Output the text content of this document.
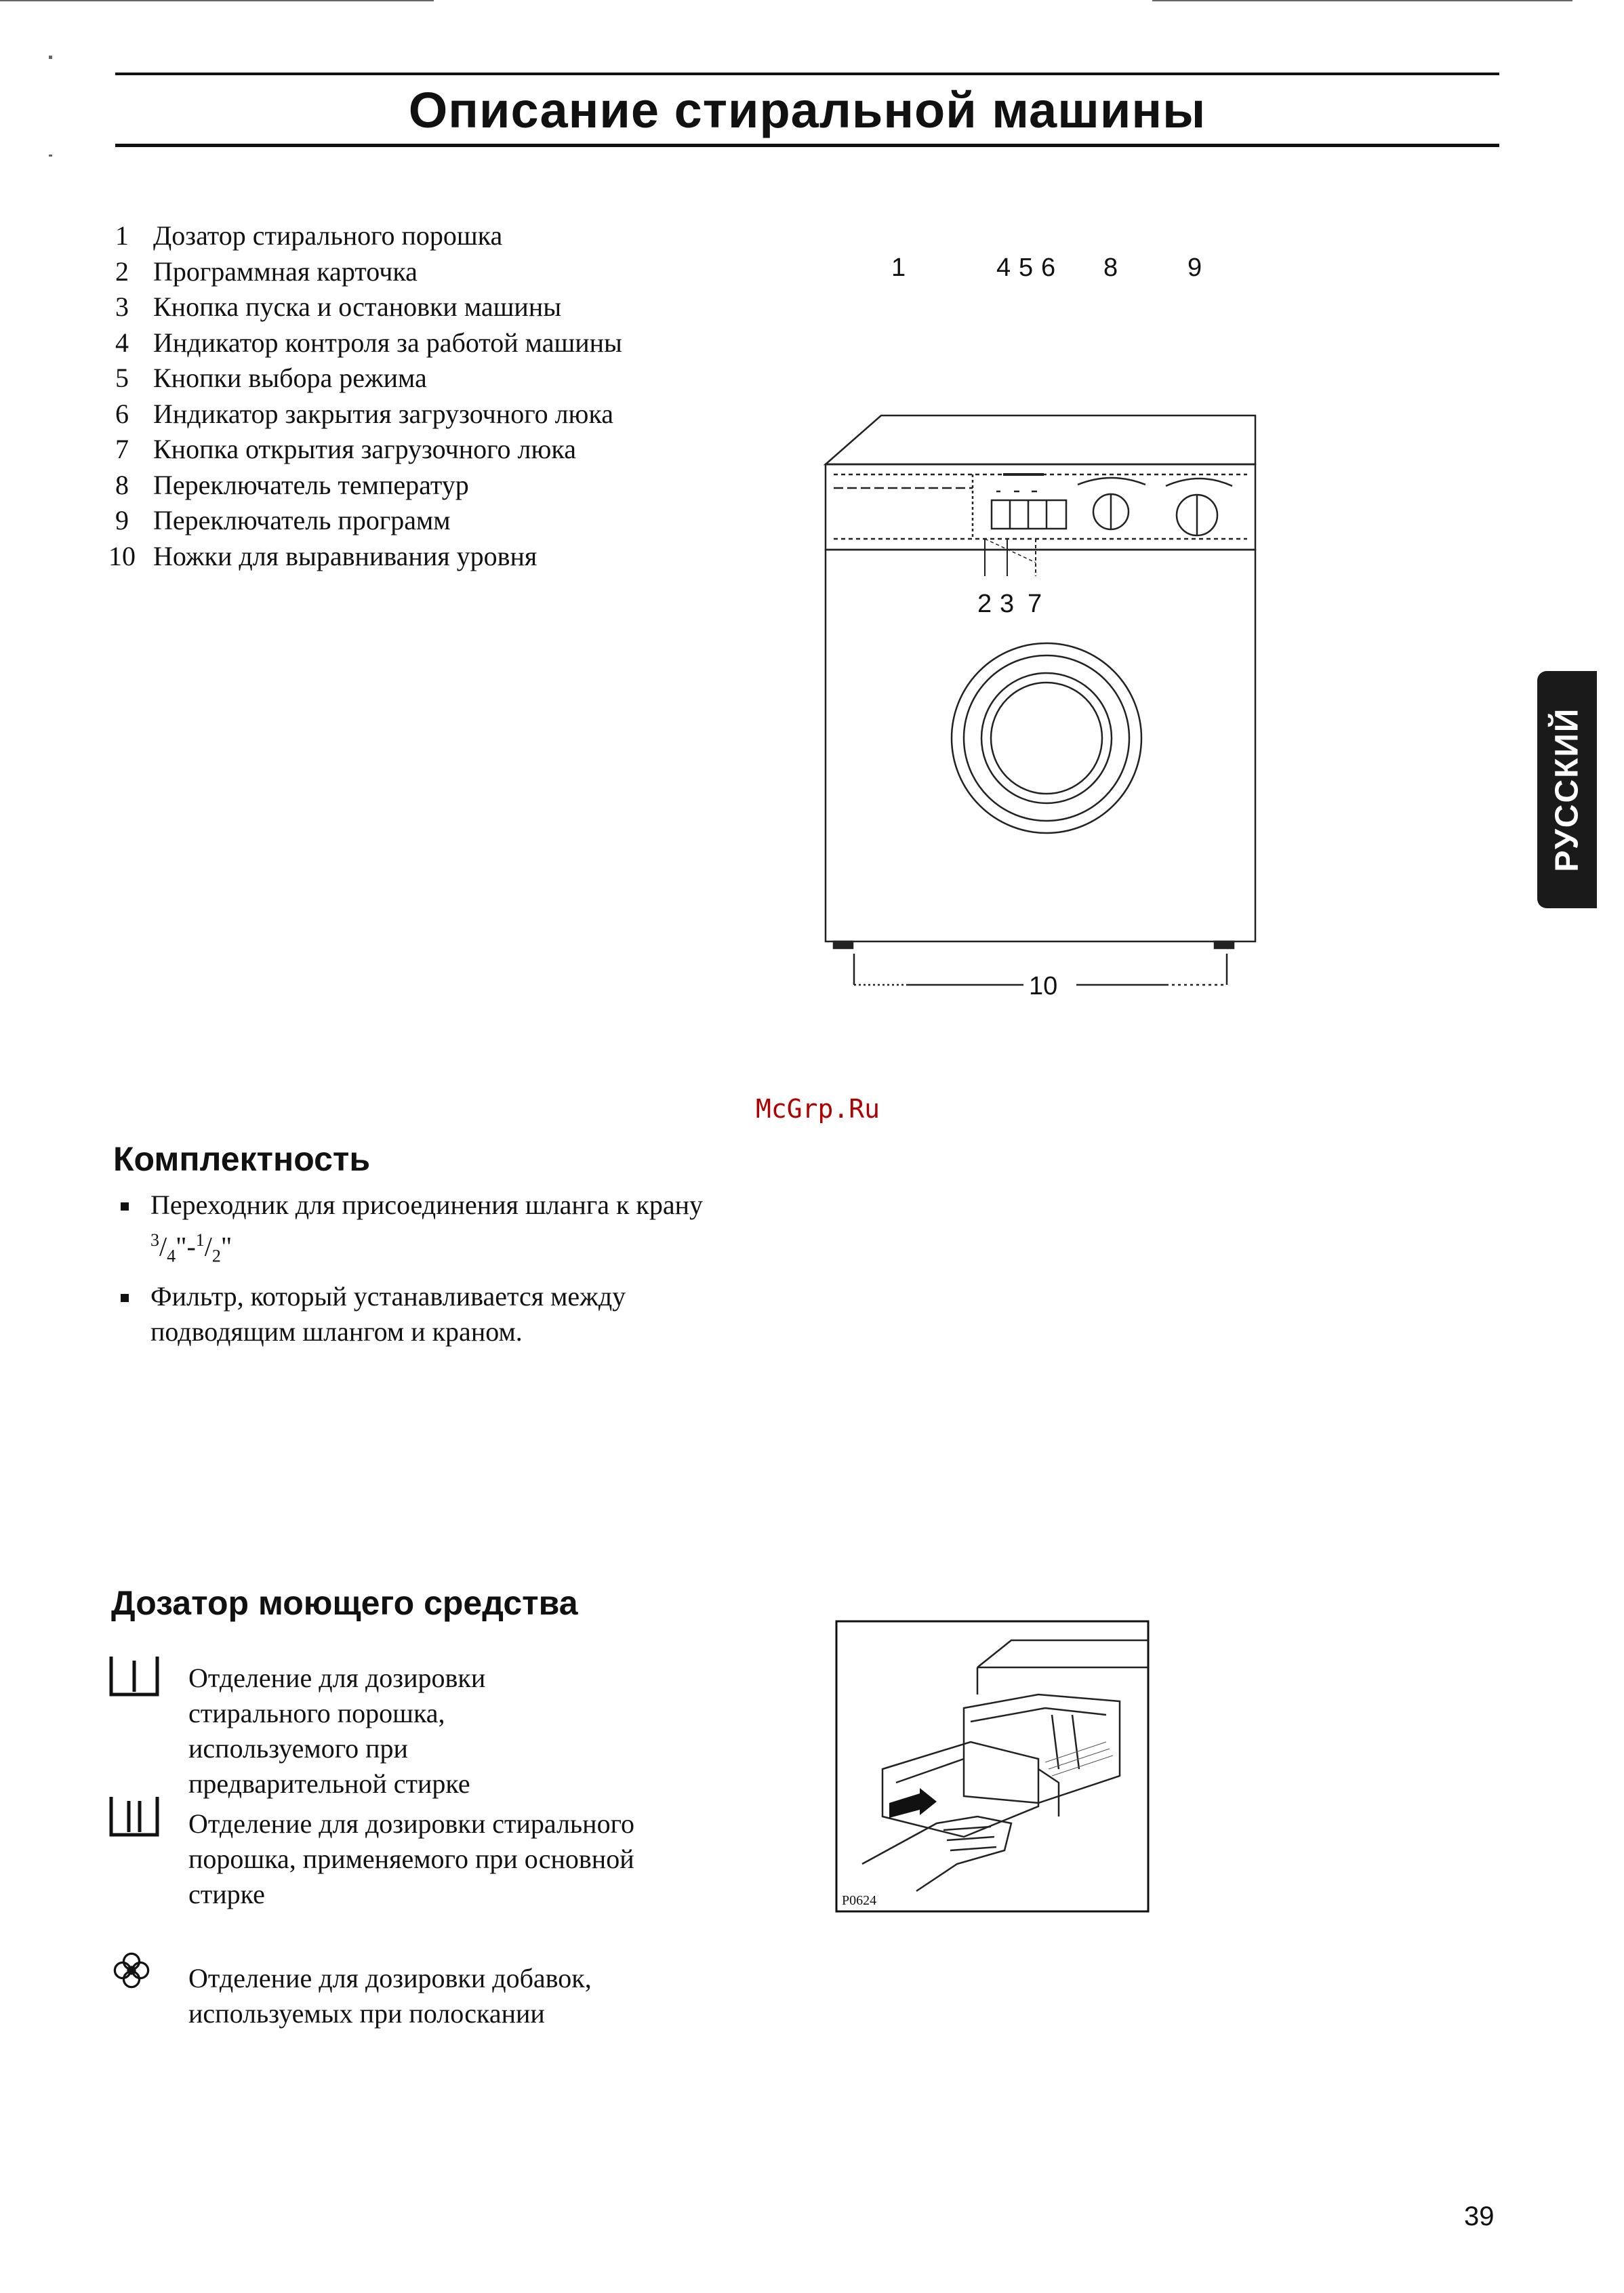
Описание стиральной машины
1 Дозатор стирального порошка
2 Программная карточка
3 Кнопка пуска и остановки машины
4 Индикатор контроля за работой машины
5 Кнопки выбора режима
6 Индикатор закрытия загрузочного люка
7 Кнопка открытия загрузочного люка
8 Переключатель температур
9 Переключатель программ
10 Ножки для выравнивания уровня
1	4 5 6 8	9
2 3 7
10
Комплектность
McGrp.Ru
Переходник для присоединения шланга к крану
$^3/_4"-^1/_2$"
Фильтр, который устанавливается между подводящим шлангом и краном.
Дозатор моющего средства
Отделение для дозировки стирального порошка, используемого при предварительной стирке
Отделение для дозировки стирального порошка, применяемого при основной стирке
Отделение для дозировки добавок, используемых при полоскании
P0624
РУССКИЙ
39
